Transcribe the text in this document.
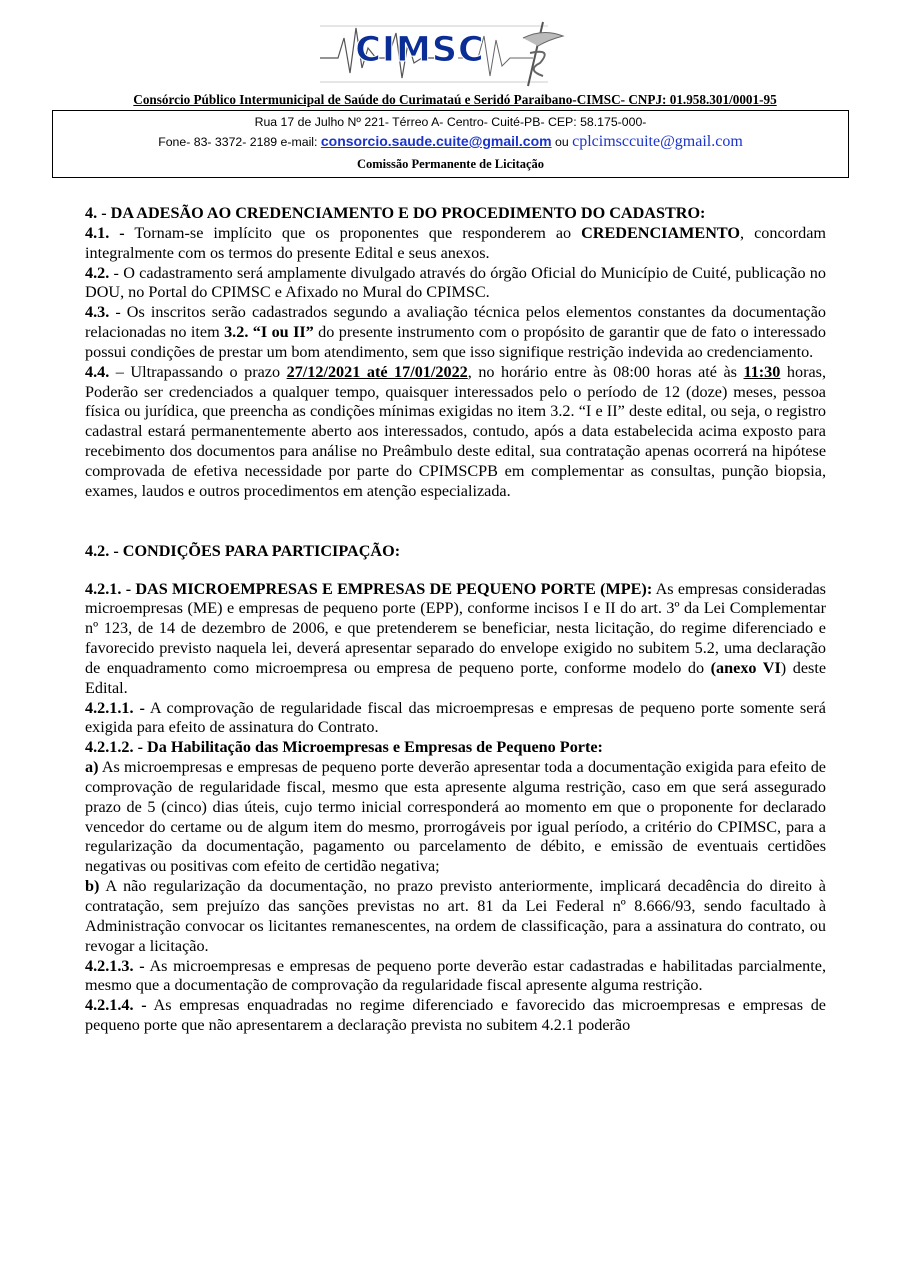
CIMSC
Consórcio Público Intermunicipal de Saúde do Curimataú e Seridó Paraibano-CIMSC- CNPJ: 01.958.301/0001-95
Rua 17 de Julho Nº 221- Térreo A- Centro- Cuité-PB- CEP: 58.175-000-
Fone- 83- 3372- 2189 e-mail: consorcio.saude.cuite@gmail.com ou cplcimsccuite@gmail.com
Comissão Permanente de Licitação

4. - DA ADESÃO AO CREDENCIAMENTO E DO PROCEDIMENTO DO CADASTRO:

4.1. - Tornam-se implícito que os proponentes que responderem ao CREDENCIAMENTO, concordam integralmente com os termos do presente Edital e seus anexos.

4.2. - O cadastramento será amplamente divulgado através do órgão Oficial do Município de Cuité, publicação no DOU, no Portal do CPIMSC e Afixado no Mural do CPIMSC.

4.3. - Os inscritos serão cadastrados segundo a avaliação técnica pelos elementos constantes da documentação relacionadas no item 3.2. “I ou II” do presente instrumento com o propósito de garantir que de fato o interessado possui condições de prestar um bom atendimento, sem que isso signifique restrição indevida ao credenciamento.

4.4. – Ultrapassando o prazo 27/12/2021 até 17/01/2022, no horário entre às 08:00 horas até às 11:30 horas, Poderão ser credenciados a qualquer tempo, quaisquer interessados pelo o período de 12 (doze) meses, pessoa física ou jurídica, que preencha as condições mínimas exigidas no item 3.2. “I e II” deste edital, ou seja, o registro cadastral estará permanentemente aberto aos interessados, contudo, após a data estabelecida acima exposto para recebimento dos documentos para análise no Preâmbulo deste edital, sua contratação apenas ocorrerá na hipótese comprovada de efetiva necessidade por parte do CPIMSCPB em complementar as consultas, punção biopsia, exames, laudos e outros procedimentos em atenção especializada.

4.2. - CONDIÇÕES PARA PARTICIPAÇÃO:

4.2.1. - DAS MICROEMPRESAS E EMPRESAS DE PEQUENO PORTE (MPE): As empresas consideradas microempresas (ME) e empresas de pequeno porte (EPP), conforme incisos I e II do art. 3º da Lei Complementar nº 123, de 14 de dezembro de 2006, e que pretenderem se beneficiar, nesta licitação, do regime diferenciado e favorecido previsto naquela lei, deverá apresentar separado do envelope exigido no subitem 5.2, uma declaração de enquadramento como microempresa ou empresa de pequeno porte, conforme modelo do (anexo VI) deste Edital.

4.2.1.1. - A comprovação de regularidade fiscal das microempresas e empresas de pequeno porte somente será exigida para efeito de assinatura do Contrato.

4.2.1.2. - Da Habilitação das Microempresas e Empresas de Pequeno Porte:

a) As microempresas e empresas de pequeno porte deverão apresentar toda a documentação exigida para efeito de comprovação de regularidade fiscal, mesmo que esta apresente alguma restrição, caso em que será assegurado prazo de 5 (cinco) dias úteis, cujo termo inicial corresponderá ao momento em que o proponente for declarado vencedor do certame ou de algum item do mesmo, prorrogáveis por igual período, a critério do CPIMSC, para a regularização da documentação, pagamento ou parcelamento de débito, e emissão de eventuais certidões negativas ou positivas com efeito de certidão negativa;

b) A não regularização da documentação, no prazo previsto anteriormente, implicará decadência do direito à contratação, sem prejuízo das sanções previstas no art. 81 da Lei Federal nº 8.666/93, sendo facultado à Administração convocar os licitantes remanescentes, na ordem de classificação, para a assinatura do contrato, ou revogar a licitação.

4.2.1.3. - As microempresas e empresas de pequeno porte deverão estar cadastradas e habilitadas parcialmente, mesmo que a documentação de comprovação da regularidade fiscal apresente alguma restrição.

4.2.1.4. - As empresas enquadradas no regime diferenciado e favorecido das microempresas e empresas de pequeno porte que não apresentarem a declaração prevista no subitem 4.2.1 poderão
